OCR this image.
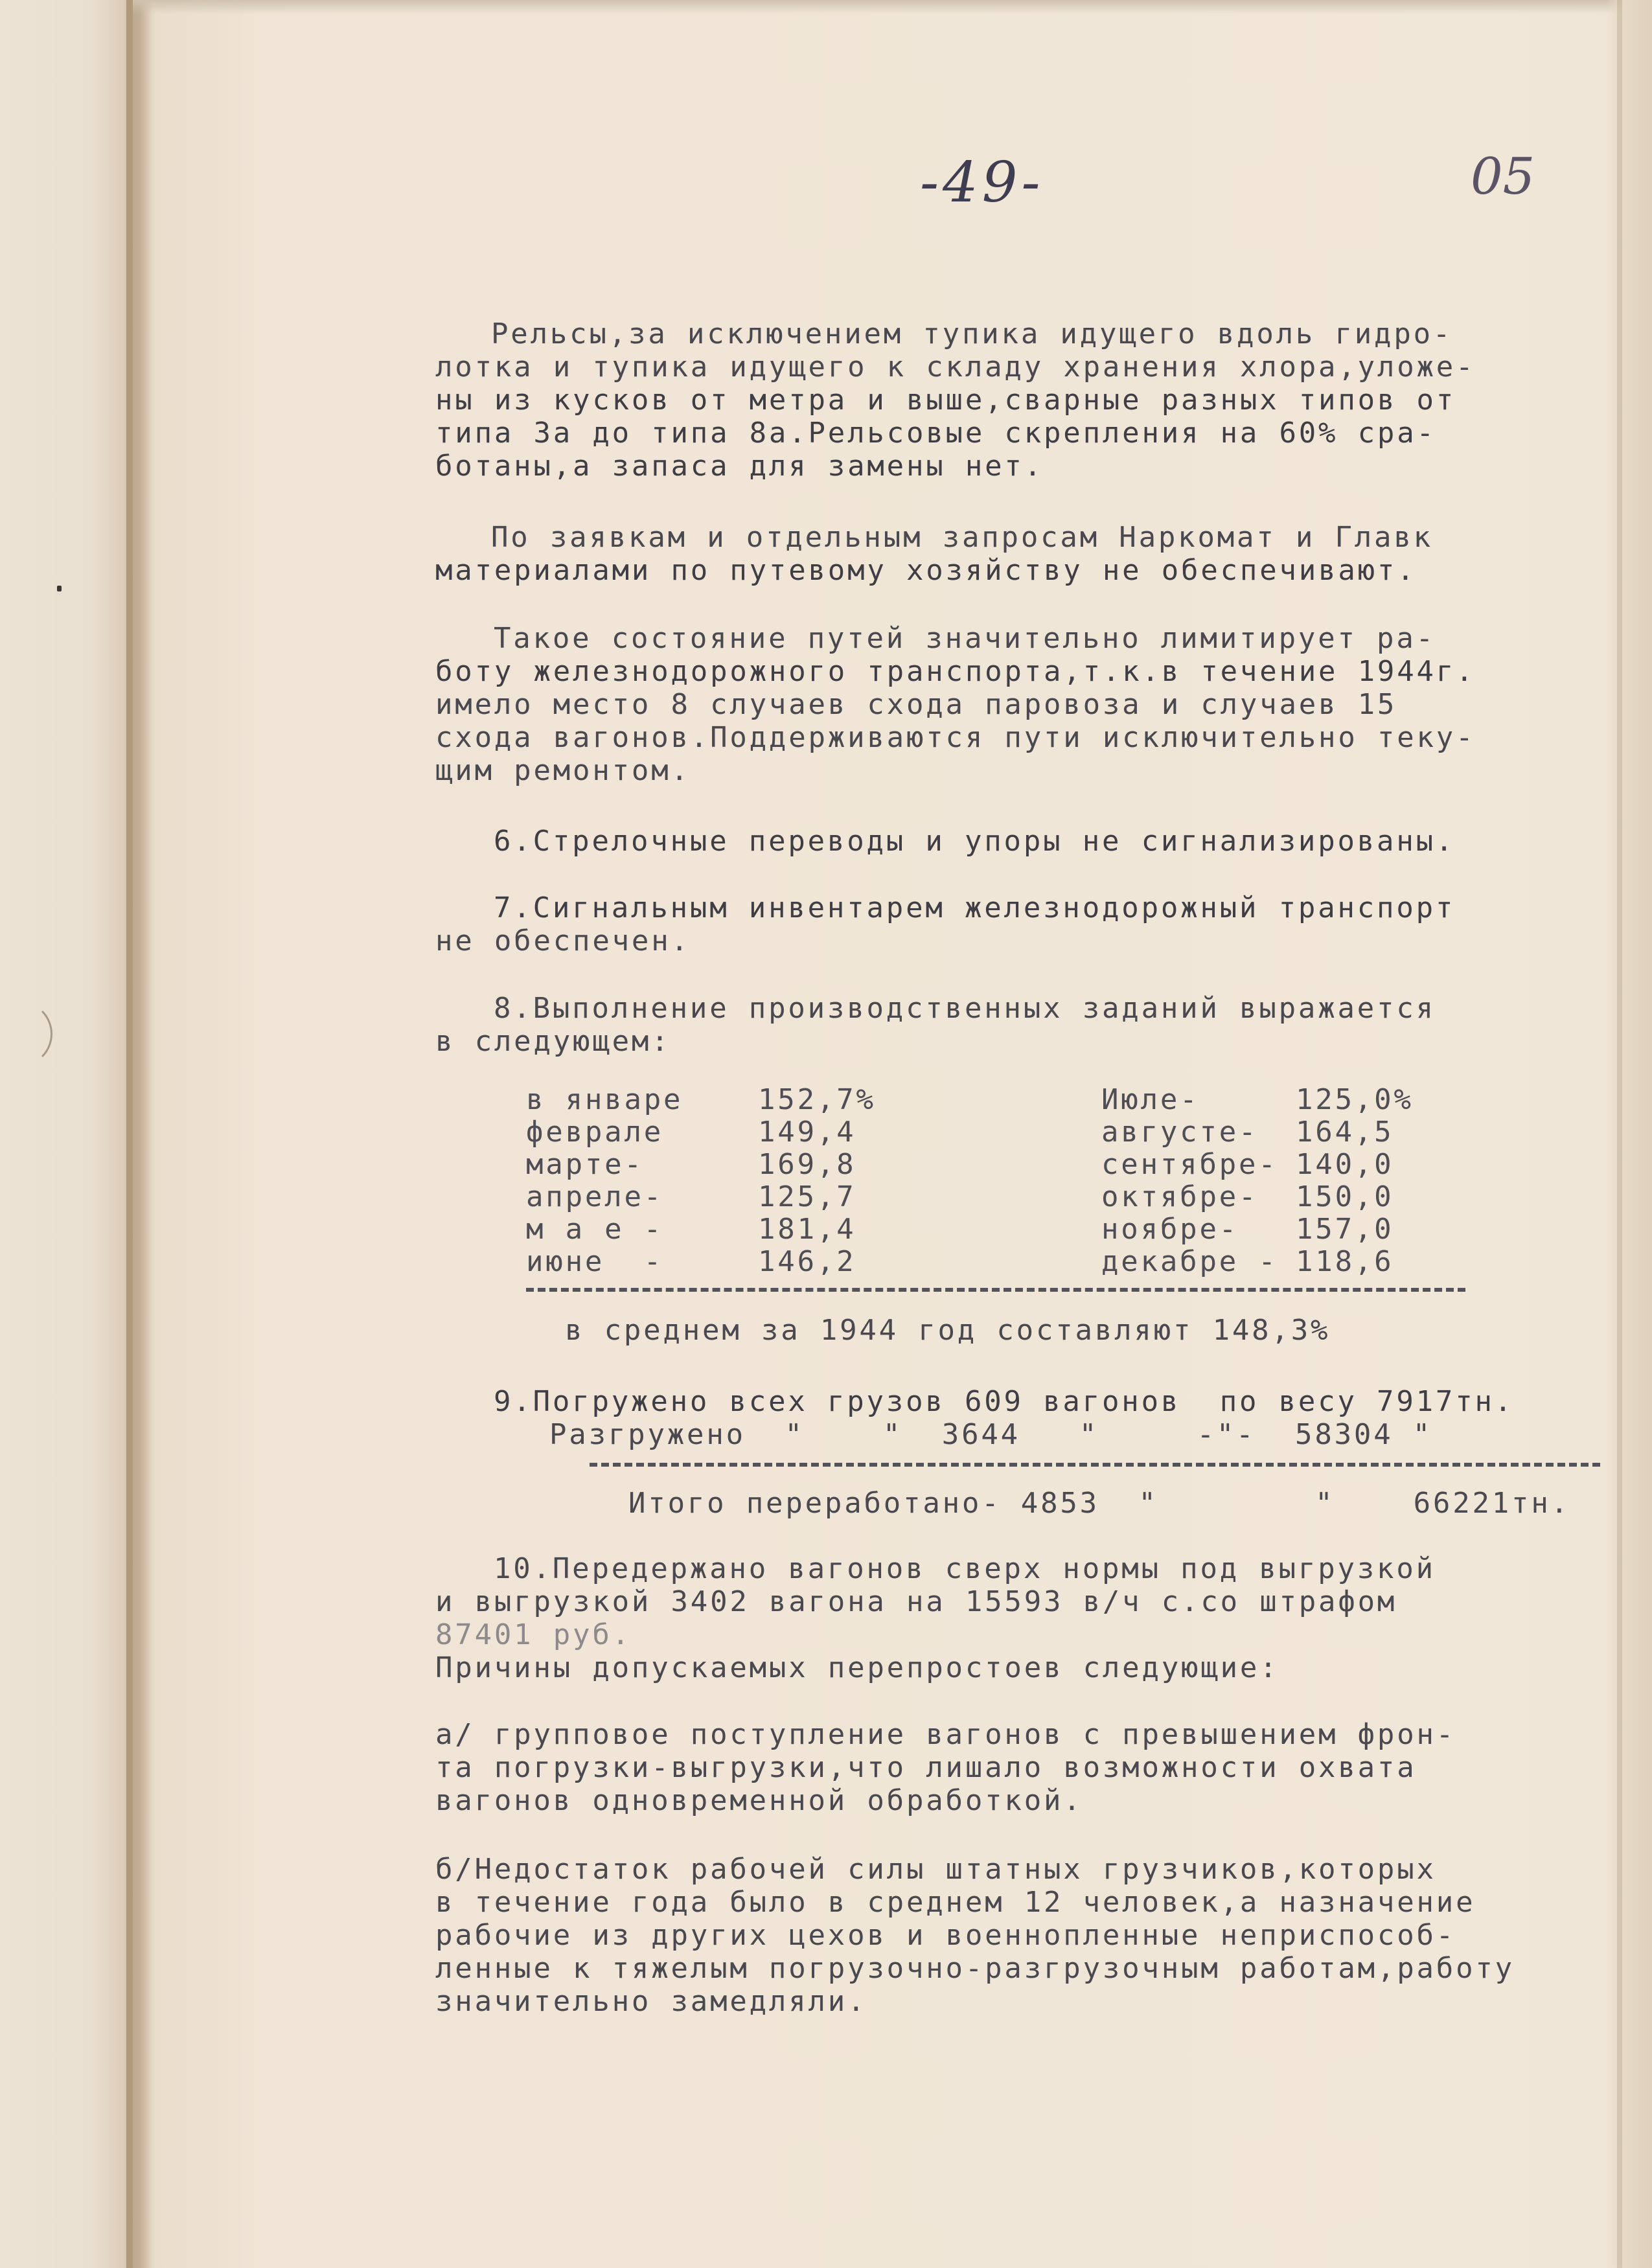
-49-	05
Рельсы,за исключением тупика идущего вдоль гидро-
лотка и тупика идущего к складу хранения хлора,уложе-
ны из кусков от метра и выше,сварные разных типов от
типа 3а до типа 8а.Рельсовые скрепления на 60% сра-
ботаны,а запаса для замены нет.
По заявкам и отдельным запросам Наркомат и Главк
материалами по путевому хозяйству не обеспечивают.
Такое состояние путей значительно лимитирует ра-
боту железнодорожного транспорта,т.к.в течение 1944г.
имело место 8 случаев схода паровоза и случаев 15
схода вагонов.Поддерживаются пути исключительно теку-
щим ремонтом.
6.Стрелочные переводы и упоры не сигнализированы.
7.Сигнальным инвентарем железнодорожный транспорт
не обеспечен.
8.Выполнение производственных заданий выражается
в следующем:
в январе	152,7%	Июле-	125,0%
феврале	149,4	августе- 164,5
марте-	169,8	сентябре- 140,0
апреле-	125,7	октябре- 150,0
м а е -	181,4	ноябре- 157,0
июне  -	146,2	декабре - 118,6
в среднем за 1944 год составляют 148,3%
9.Погружено всех грузов 609 вагонов  по весу 7917тн.
Разгружено  "    "  3644   "     -"-  58304 "
Итого переработано- 4853  "        "    66221тн.
10.Передержано вагонов сверх нормы под выгрузкой
и выгрузкой 3402 вагона на 15593 в/ч с.со штрафом
87401 руб.
Причины допускаемых перепростоев следующие:
а/ групповое поступление вагонов с превышением фрон-
та погрузки-выгрузки,что лишало возможности охвата
вагонов одновременной обработкой.
б/Недостаток рабочей силы штатных грузчиков,которых
в течение года было в среднем 12 человек,а назначение
рабочие из других цехов и военнопленные неприспособ-
ленные к тяжелым погрузочно-разгрузочным работам,работу
значительно замедляли.
